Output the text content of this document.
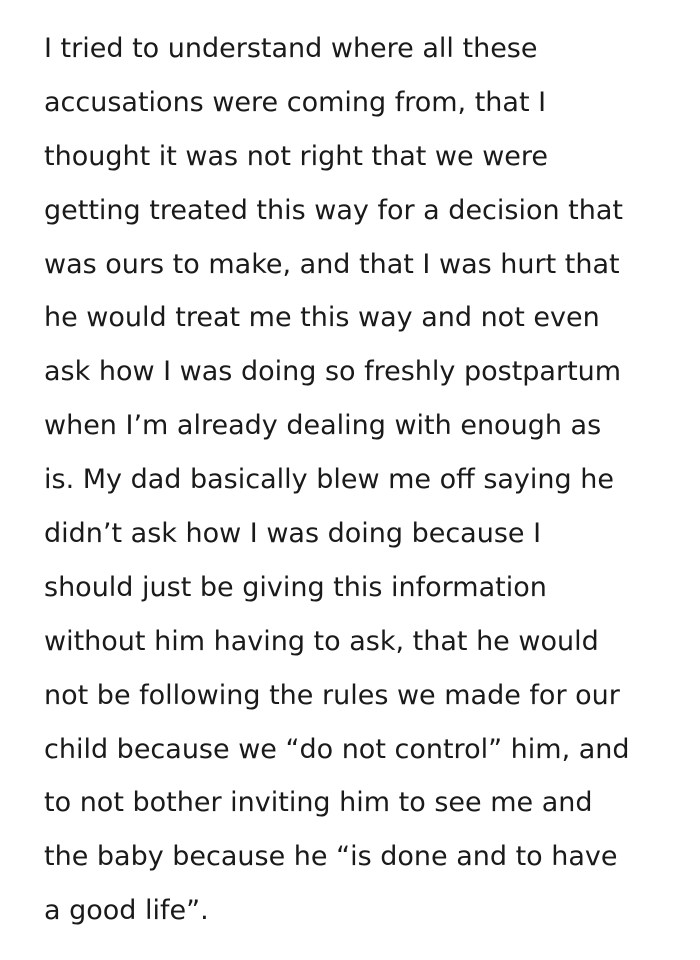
I tried to understand where all these
accusations were coming from, that I
thought it was not right that we were
getting treated this way for a decision that
was ours to make, and that I was hurt that
he would treat me this way and not even
ask how I was doing so freshly postpartum
when I’m already dealing with enough as
is. My dad basically blew me off saying he
didn’t ask how I was doing because I
should just be giving this information
without him having to ask, that he would
not be following the rules we made for our
child because we “do not control” him, and
to not bother inviting him to see me and
the baby because he “is done and to have
a good life”.
